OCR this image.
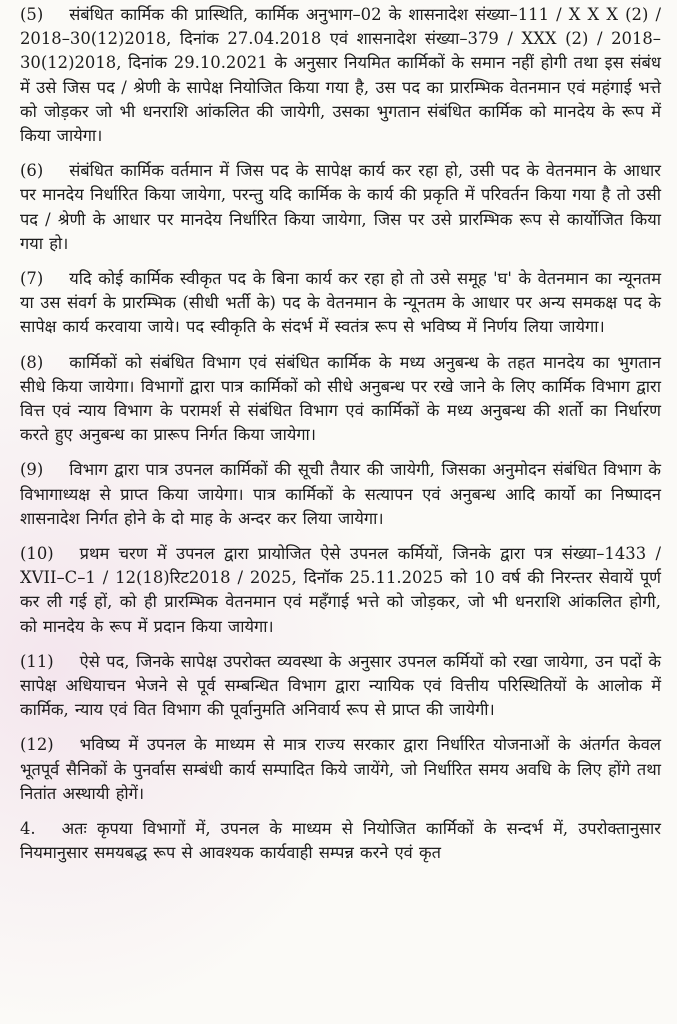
(5) संबंधित कार्मिक की प्रास्थिति, कार्मिक अनुभाग–02 के शासनादेश संख्या–111 / X X X (2) / 2018–30(12)2018, दिनांक 27.04.2018 एवं शासनादेश संख्या–379 / XXX (2) / 2018–30(12)2018, दिनांक 29.10.2021 के अनुसार नियमित कार्मिकों के समान नहीं होगी तथा इस संबंध में उसे जिस पद / श्रेणी के सापेक्ष नियोजित किया गया है, उस पद का प्रारम्भिक वेतनमान एवं महंगाई भत्ते को जोड़कर जो भी धनराशि आंकलित की जायेगी, उसका भुगतान संबंधित कार्मिक को मानदेय के रूप में किया जायेगा।

(6) संबंधित कार्मिक वर्तमान में जिस पद के सापेक्ष कार्य कर रहा हो, उसी पद के वेतनमान के आधार पर मानदेय निर्धारित किया जायेगा, परन्तु यदि कार्मिक के कार्य की प्रकृति में परिवर्तन किया गया है तो उसी पद / श्रेणी के आधार पर मानदेय निर्धारित किया जायेगा, जिस पर उसे प्रारम्भिक रूप से कार्योजित किया गया हो।

(7) यदि कोई कार्मिक स्वीकृत पद के बिना कार्य कर रहा हो तो उसे समूह 'घ' के वेतनमान का न्यूनतम या उस संवर्ग के प्रारम्भिक (सीधी भर्ती के) पद के वेतनमान के न्यूनतम के आधार पर अन्य समकक्ष पद के सापेक्ष कार्य करवाया जाये। पद स्वीकृति के संदर्भ में स्वतंत्र रूप से भविष्य में निर्णय लिया जायेगा।

(8) कार्मिकों को संबंधित विभाग एवं संबंधित कार्मिक के मध्य अनुबन्ध के तहत मानदेय का भुगतान सीधे किया जायेगा। विभागों द्वारा पात्र कार्मिकों को सीधे अनुबन्ध पर रखे जाने के लिए कार्मिक विभाग द्वारा वित्त एवं न्याय विभाग के परामर्श से संबंधित विभाग एवं कार्मिकों के मध्य अनुबन्ध की शर्तो का निर्धारण करते हुए अनुबन्ध का प्रारूप निर्गत किया जायेगा।

(9) विभाग द्वारा पात्र उपनल कार्मिकों की सूची तैयार की जायेगी, जिसका अनुमोदन संबंधित विभाग के विभागाध्यक्ष से प्राप्त किया जायेगा। पात्र कार्मिकों के सत्यापन एवं अनुबन्ध आदि कार्यो का निष्पादन शासनादेश निर्गत होने के दो माह के अन्दर कर लिया जायेगा।

(10) प्रथम चरण में उपनल द्वारा प्रायोजित ऐसे उपनल कर्मियों, जिनके द्वारा पत्र संख्या–1433 / XVII–C–1 / 12(18)रिट2018 / 2025, दिनॉक 25.11.2025 को 10 वर्ष की निरन्तर सेवायें पूर्ण कर ली गई हों, को ही प्रारम्भिक वेतनमान एवं महँगाई भत्ते को जोड़कर, जो भी धनराशि आंकलित होगी, को मानदेय के रूप में प्रदान किया जायेगा।

(11) ऐसे पद, जिनके सापेक्ष उपरोक्त व्यवस्था के अनुसार उपनल कर्मियों को रखा जायेगा, उन पदों के सापेक्ष अधियाचन भेजने से पूर्व सम्बन्धित विभाग द्वारा न्यायिक एवं वित्तीय परिस्थितियों के आलोक में कार्मिक, न्याय एवं वित विभाग की पूर्वानुमति अनिवार्य रूप से प्राप्त की जायेगी।

(12) भविष्य में उपनल के माध्यम से मात्र राज्य सरकार द्वारा निर्धारित योजनाओं के अंतर्गत केवल भूतपूर्व सैनिकों के पुनर्वास सम्बंधी कार्य सम्पादित किये जायेंगे, जो निर्धारित समय अवधि के लिए होंगे तथा नितांत अस्थायी होगें।

4. अतः कृपया विभागों में, उपनल के माध्यम से नियोजित कार्मिकों के सन्दर्भ में, उपरोक्तानुसार नियमानुसार समयबद्ध रूप से आवश्यक कार्यवाही सम्पन्न करने एवं कृत
